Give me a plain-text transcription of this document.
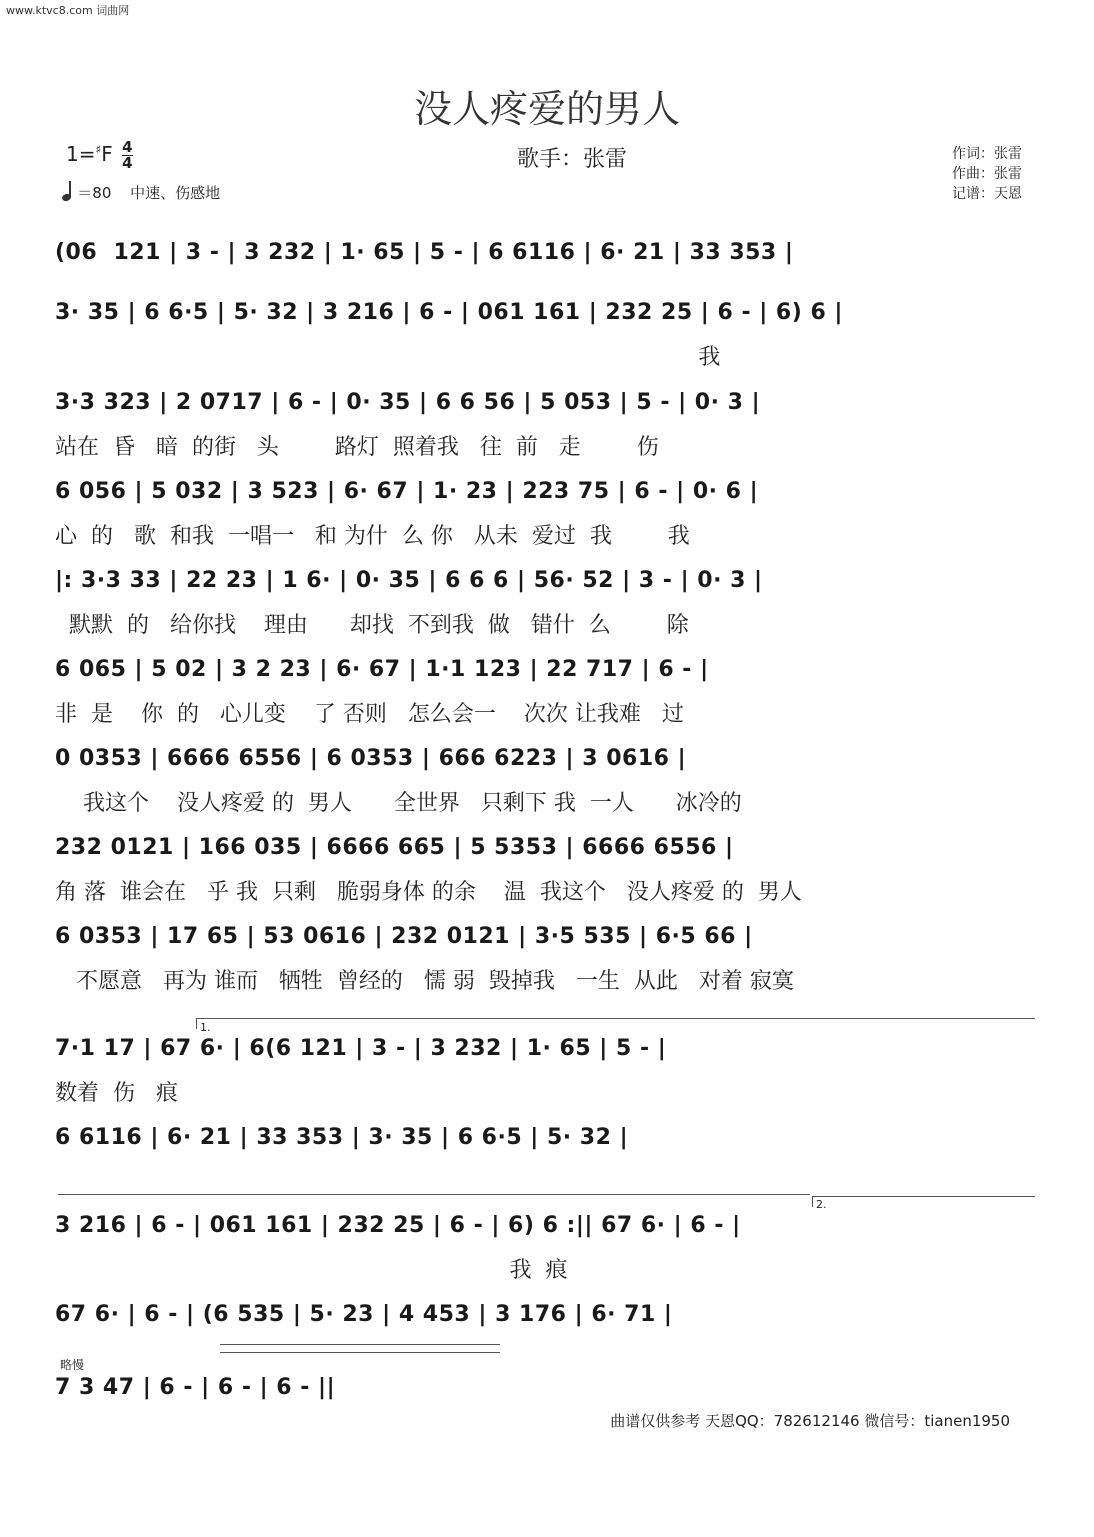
www.ktvc8.com 词曲网
没人疼爱的男人
$1=^♯F \frac{4}{4}$
＝80 中速、伤感地
歌手：张雷	作词：张雷
作曲：张雷
记谱：天恩
(06  121 | 3 - | 3 232 | 1· 65 | 5 - | 6 6116 | 6· 21 | 33 353 |
3· 35 | 6 6·5 | 5· 32 | 3 216 | 6 - | 061 161 | 232 25 | 6 - | 6) 6 |
我
3·3 323 | 2 0717 | 6 - | 0· 35 | 6 6 56 | 5 053 | 5 - | 0· 3 |
站在  昏   暗  的街   头        路灯  照着我   往  前   走        伤
6 056 | 5 032 | 3 523 | 6· 67 | 1· 23 | 223 75 | 6 - | 0· 6 |
心  的   歌  和我  一唱一   和 为什  么 你   从未  爱过  我        我
|: 3·3 33 | 22 23 | 1 6· | 0· 35 | 6 6 6 | 56· 52 | 3 - | 0· 3 |
默默  的   给你找    理由      却找  不到我  做   错什  么        除
6 065 | 5 02 | 3 2 23 | 6· 67 | 1·1 123 | 22 717 | 6 - |
非  是    你  的   心儿变    了 否则   怎么会一    次次 让我难   过
0 0353 | 6666 6556 | 6 0353 | 666 6223 | 3 0616 |
我这个    没人疼爱 的  男人      全世界   只剩下 我  一人      冰冷的
232 0121 | 166 035 | 6666 665 | 5 5353 | 6666 6556 |
角 落  谁会在   乎 我  只剩   脆弱身体 的余    温  我这个   没人疼爱 的  男人
6 0353 | 17 65 | 53 0616 | 232 0121 | 3·5 535 | 6·5 66 |
不愿意   再为 谁而   牺牲  曾经的   懦 弱  毁掉我   一生  从此   对着 寂寞
7·1 17 | 67 6· | 6(6 121 | 3 - | 3 232 | 1· 65 | 5 - |
数着  伤   痕
6 6116 | 6· 21 | 33 353 | 3· 35 | 6 6·5 | 5· 32 |
3 216 | 6 - | 061 161 | 232 25 | 6 - | 6) 6 :|| 67 6· | 6 - |
我  痕
67 6· | 6 - | (6 535 | 5· 23 | 4 453 | 3 176 | 6· 71 |
7 3 47 | 6 - | 6 - | 6 - ||
1.
2.
略慢
曲谱仅供参考 天恩QQ：782612146 微信号：tianen1950
